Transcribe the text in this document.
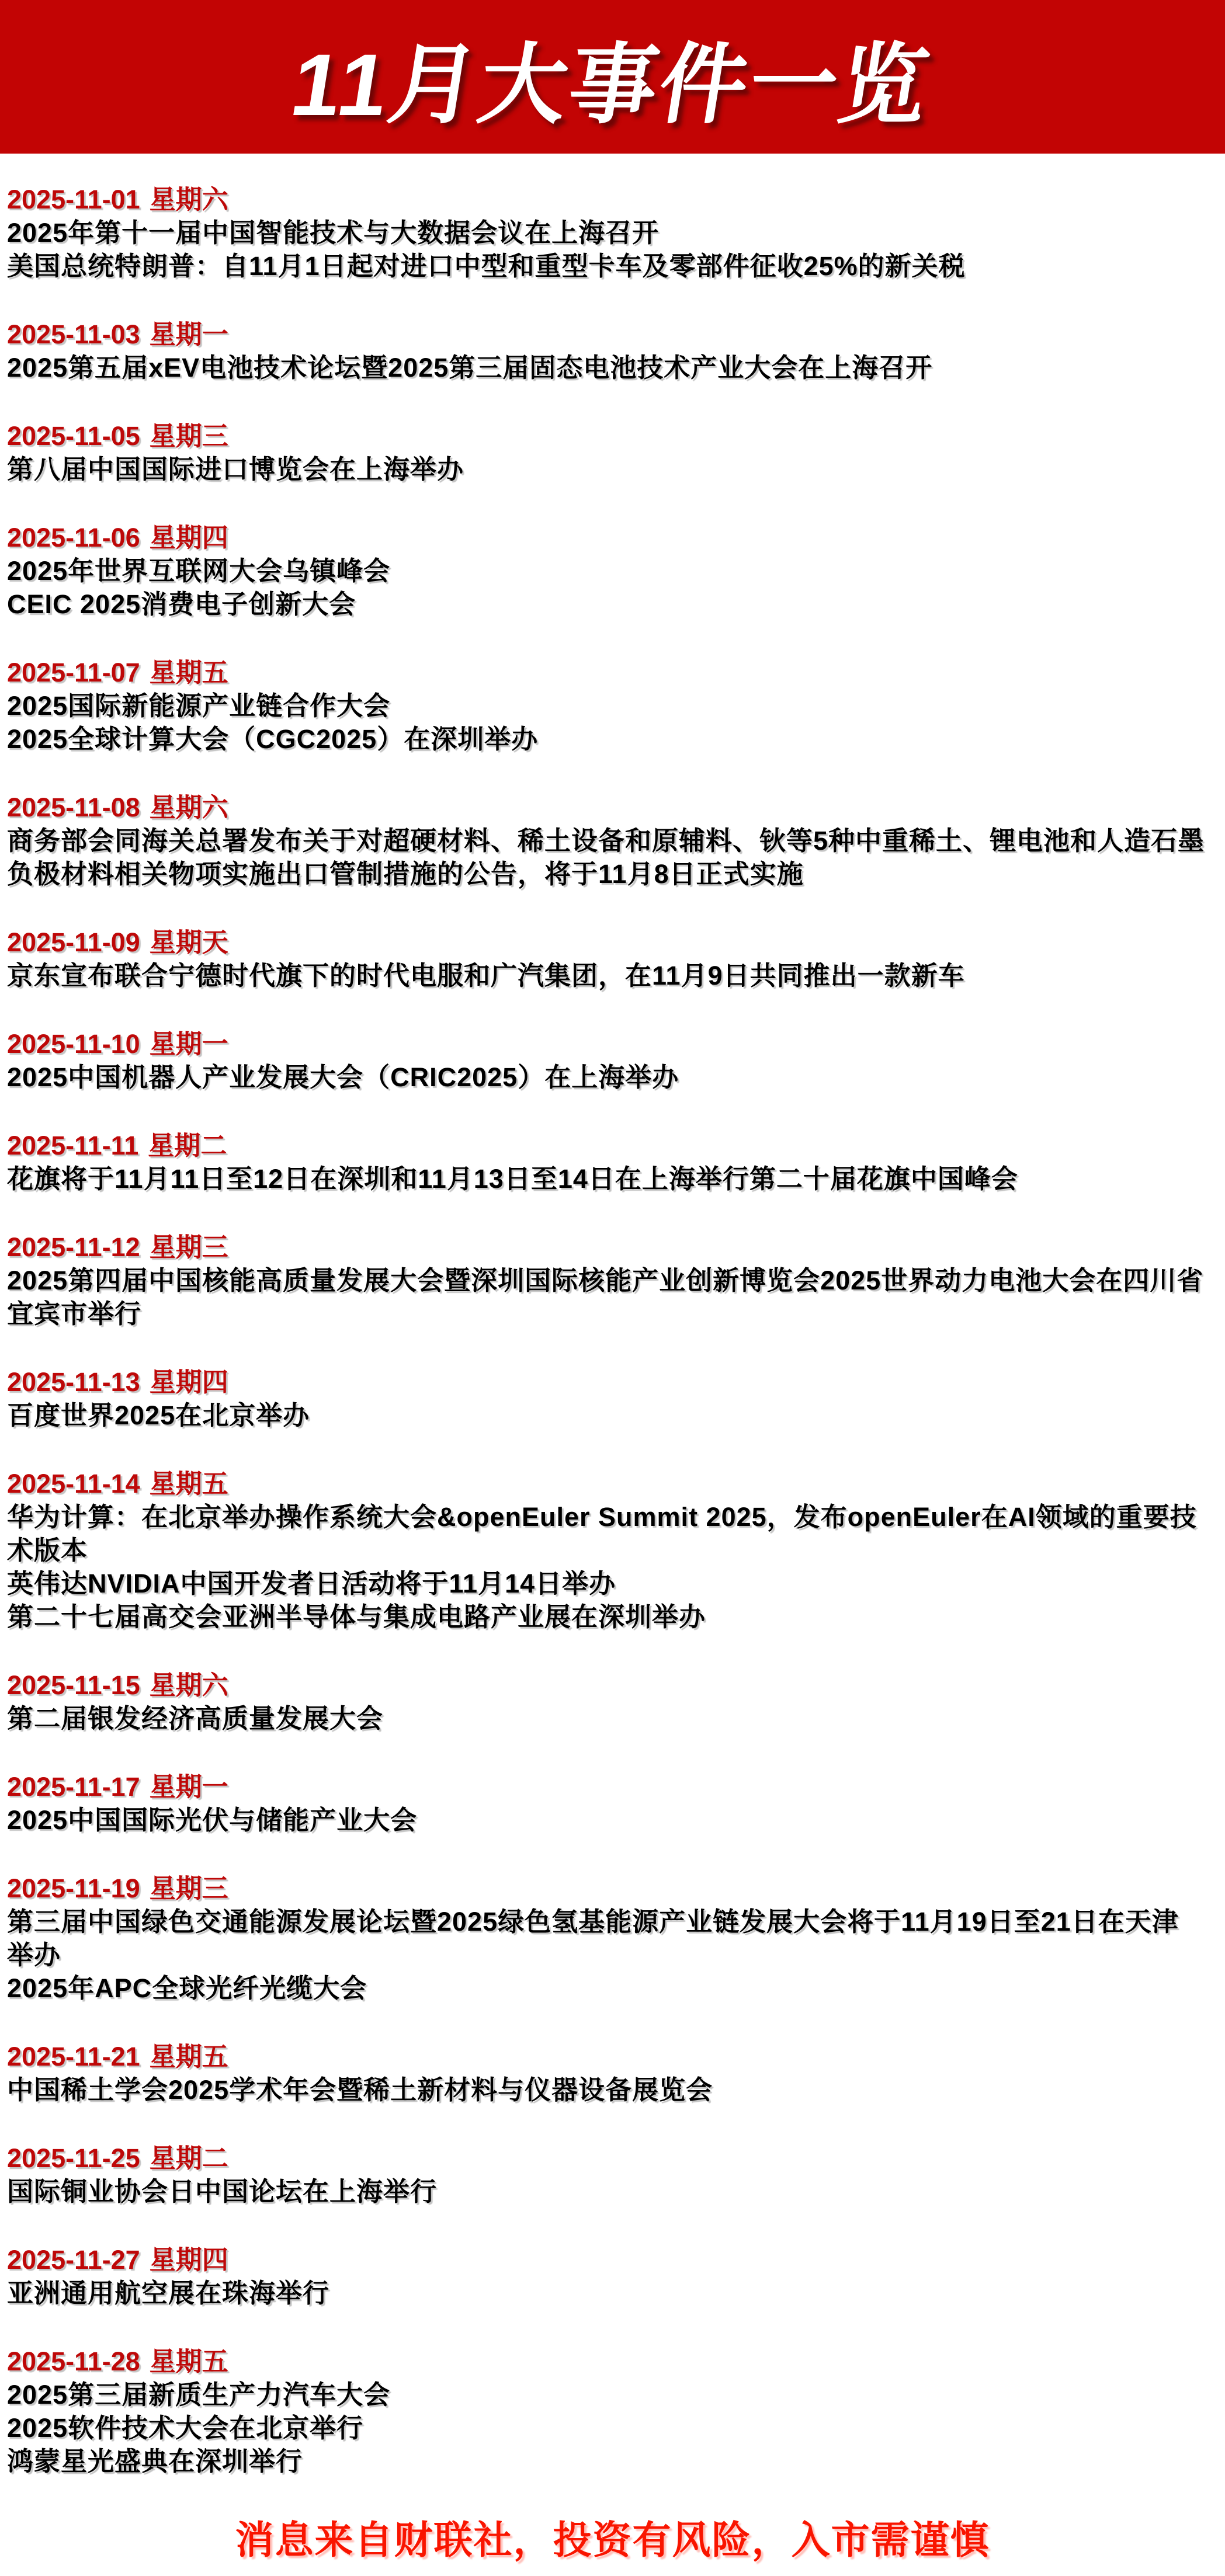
11月大事件一览
2025-11-01 星期六
2025年第十一届中国智能技术与大数据会议在上海召开
美国总统特朗普：自11月1日起对进口中型和重型卡车及零部件征收25%的新关税
2025-11-03 星期一
2025第五届xEV电池技术论坛暨2025第三届固态电池技术产业大会在上海召开
2025-11-05 星期三
第八届中国国际进口博览会在上海举办
2025-11-06 星期四
2025年世界互联网大会乌镇峰会
CEIC 2025消费电子创新大会
2025-11-07 星期五
2025国际新能源产业链合作大会
2025全球计算大会（CGC2025）在深圳举办
2025-11-08 星期六
商务部会同海关总署发布关于对超硬材料、稀土设备和原辅料、钬等5种中重稀土、锂电池和人造石墨负极材料相关物项实施出口管制措施的公告，将于11月8日正式实施
2025-11-09 星期天
京东宣布联合宁德时代旗下的时代电服和广汽集团，在11月9日共同推出一款新车
2025-11-10 星期一
2025中国机器人产业发展大会（CRIC2025）在上海举办
2025-11-11 星期二
花旗将于11月11日至12日在深圳和11月13日至14日在上海举行第二十届花旗中国峰会
2025-11-12 星期三
2025第四届中国核能高质量发展大会暨深圳国际核能产业创新博览会2025世界动力电池大会在四川省宜宾市举行
2025-11-13 星期四
百度世界2025在北京举办
2025-11-14 星期五
华为计算：在北京举办操作系统大会&openEuler Summit 2025，发布openEuler在AI领域的重要技术版本
英伟达NVIDIA中国开发者日活动将于11月14日举办
第二十七届高交会亚洲半导体与集成电路产业展在深圳举办
2025-11-15 星期六
第二届银发经济高质量发展大会
2025-11-17 星期一
2025中国国际光伏与储能产业大会
2025-11-19 星期三
第三届中国绿色交通能源发展论坛暨2025绿色氢基能源产业链发展大会将于11月19日至21日在天津举办
2025年APC全球光纤光缆大会
2025-11-21 星期五
中国稀土学会2025学术年会暨稀土新材料与仪器设备展览会
2025-11-25 星期二
国际铜业协会日中国论坛在上海举行
2025-11-27 星期四
亚洲通用航空展在珠海举行
2025-11-28 星期五
2025第三届新质生产力汽车大会
2025软件技术大会在北京举行
鸿蒙星光盛典在深圳举行
消息来自财联社，投资有风险，入市需谨慎
